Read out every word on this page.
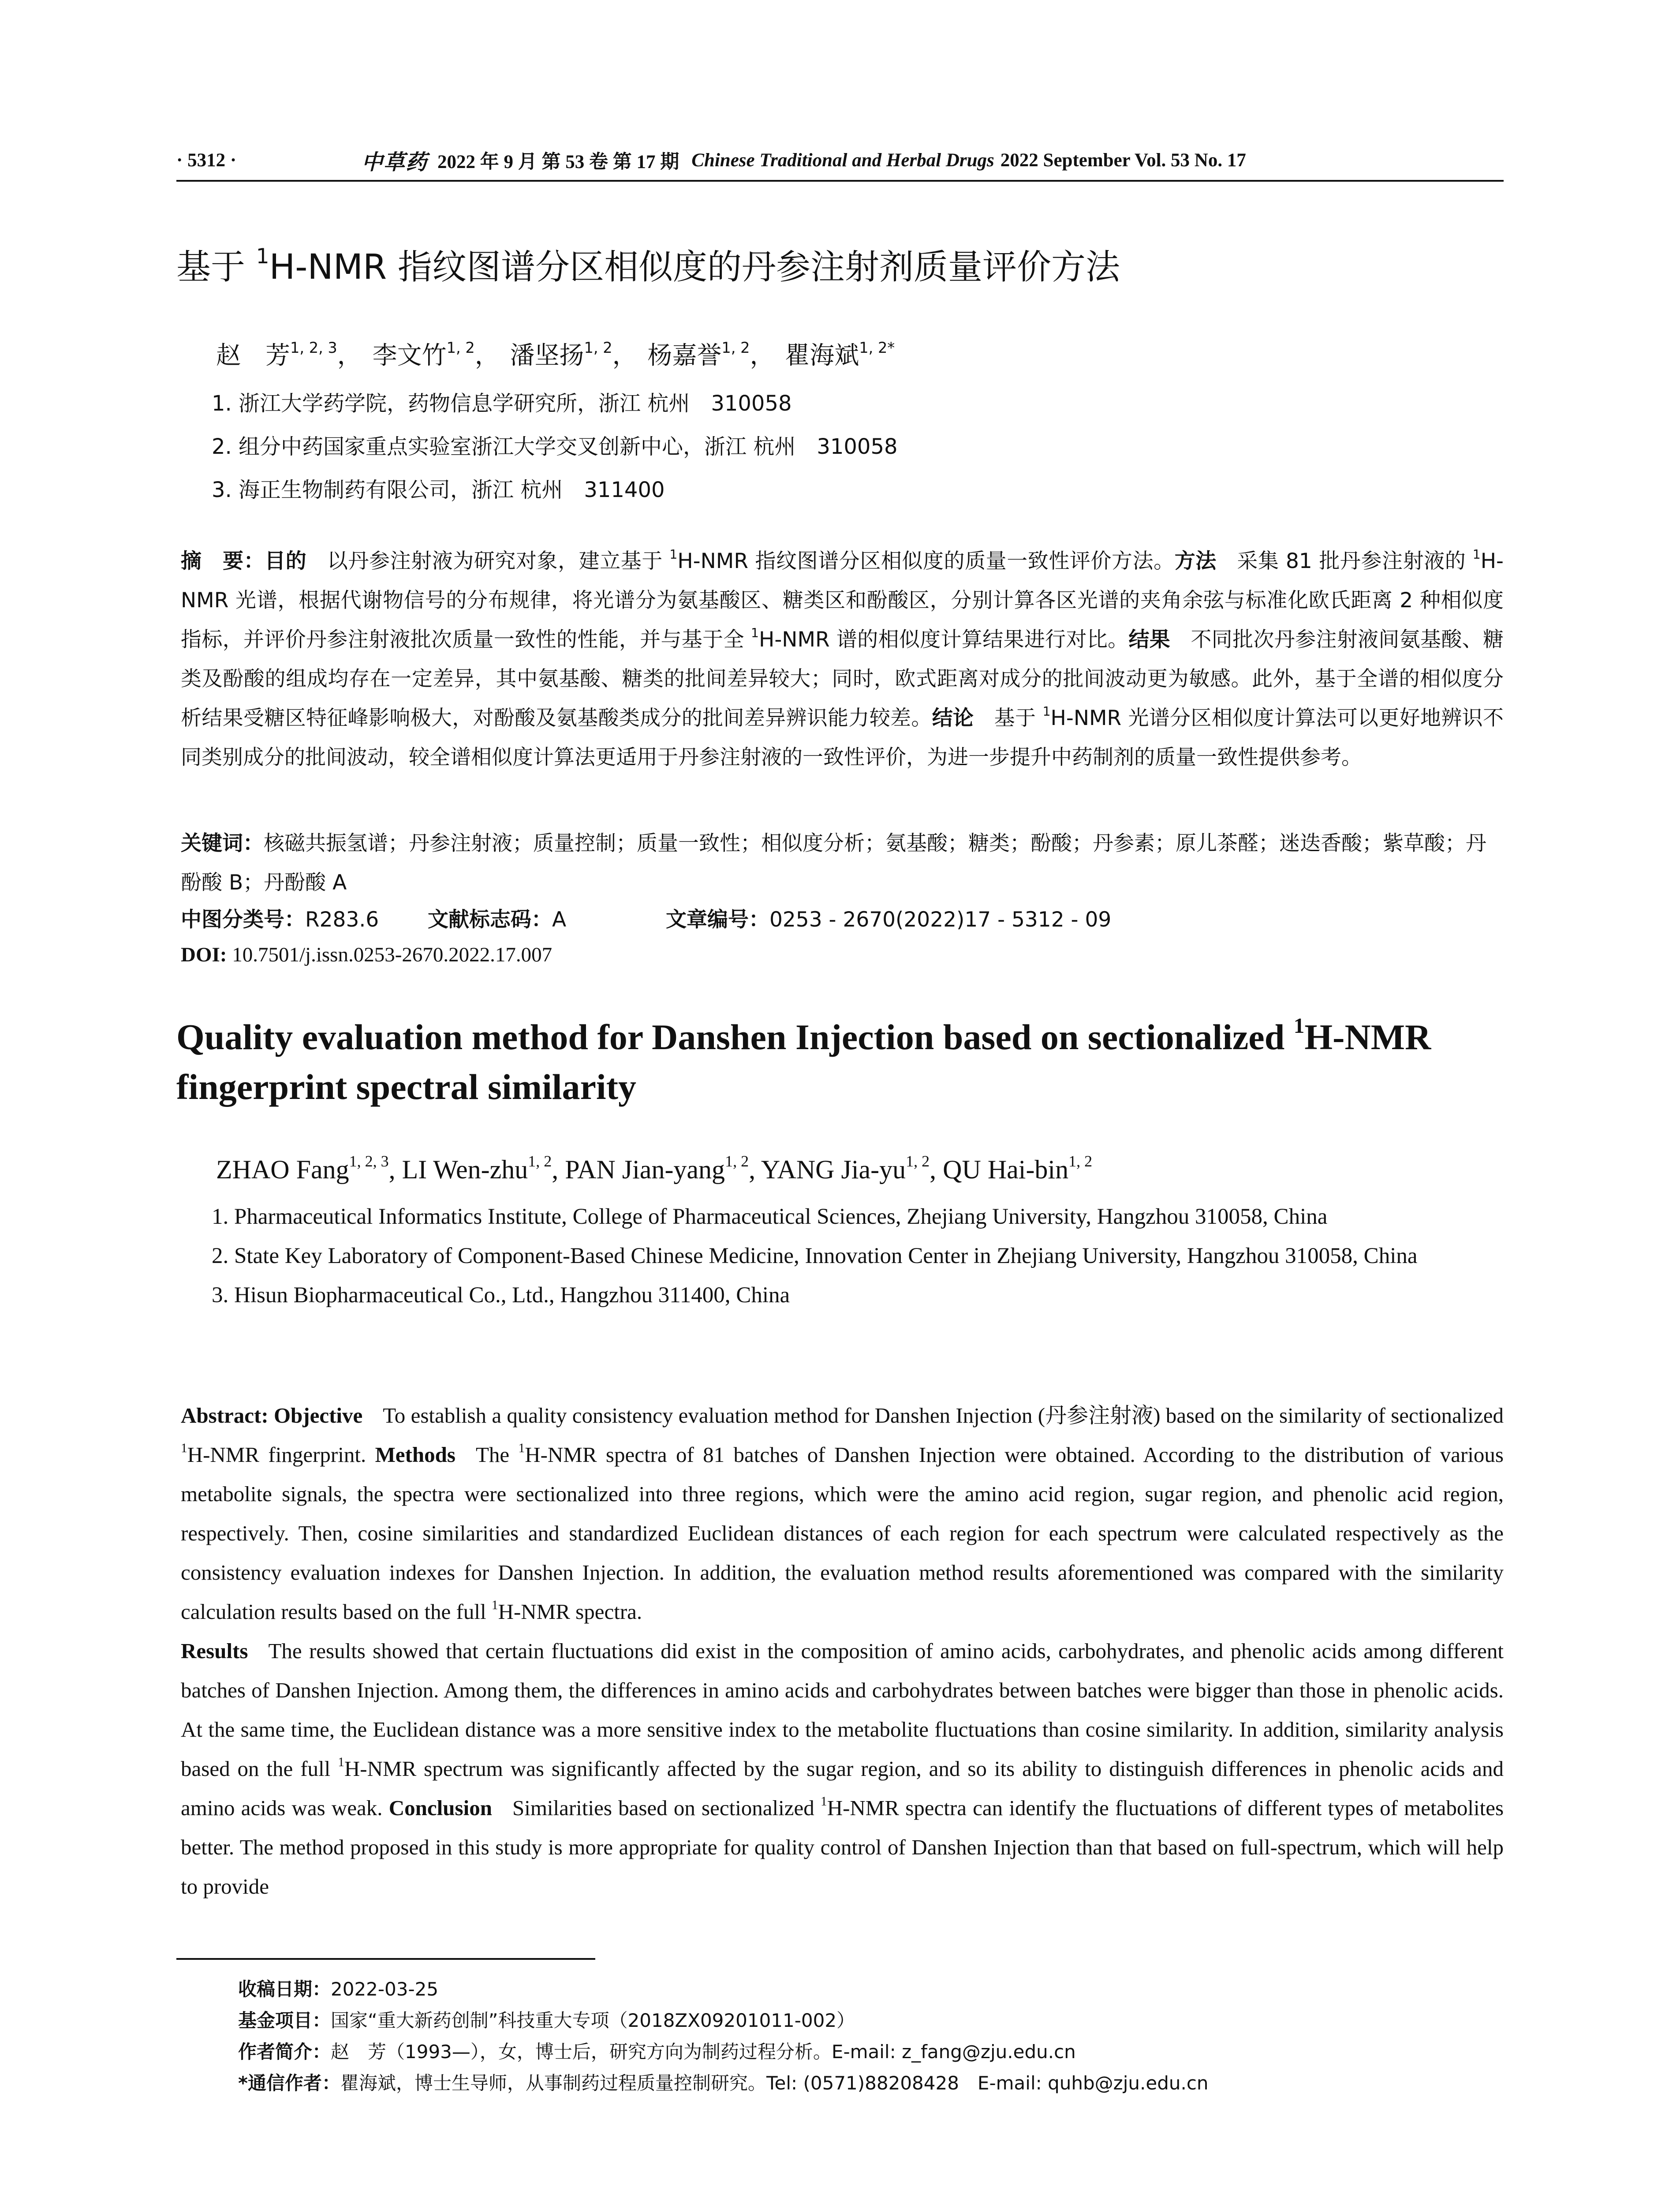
· 5312 ·	中草药 2022 年 9 月 第 53 卷 第 17 期 Chinese Traditional and Herbal Drugs 2022 September Vol. 53 No. 17
基于 $^1$H-NMR 指纹图谱分区相似度的丹参注射剂质量评价方法
赵　芳$^{1, 2, 3}$， 李文竹$^{1, 2}$， 潘坚扬$^{1, 2}$， 杨嘉誉$^{1, 2}$， 瞿海斌$^{1, 2*}$
1. 浙江大学药学院，药物信息学研究所，浙江 杭州　310058
2. 组分中药国家重点实验室浙江大学交叉创新中心，浙江 杭州　310058
3. 海正生物制药有限公司，浙江 杭州　311400
摘　要：目的 以丹参注射液为研究对象，建立基于 $^1$H-NMR 指纹图谱分区相似度的质量一致性评价方法。方法 采集 81 批丹参注射液的 $^1$H-NMR 光谱，根据代谢物信号的分布规律，将光谱分为氨基酸区、糖类区和酚酸区，分别计算各区光谱的夹角余弦与标准化欧氏距离 2 种相似度指标，并评价丹参注射液批次质量一致性的性能，并与基于全 $^1$H-NMR 谱的相似度计算结果进行对比。结果 不同批次丹参注射液间氨基酸、糖类及酚酸的组成均存在一定差异，其中氨基酸、糖类的批间差异较大；同时，欧式距离对成分的批间波动更为敏感。此外，基于全谱的相似度分析结果受糖区特征峰影响极大，对酚酸及氨基酸类成分的批间差异辨识能力较差。结论 基于 $^1$H-NMR 光谱分区相似度计算法可以更好地辨识不同类别成分的批间波动，较全谱相似度计算法更适用于丹参注射液的一致性评价，为进一步提升中药制剂的质量一致性提供参考。
关键词：核磁共振氢谱；丹参注射液；质量控制；质量一致性；相似度分析；氨基酸；糖类；酚酸；丹参素；原儿茶醛；迷迭香酸；紫草酸；丹酚酸 B；丹酚酸 A
中图分类号：R283.6 文献标志码：A	文章编号：0253 - 2670(2022)17 - 5312 - 09
DOI: 10.7501/j.issn.0253-2670.2022.17.007
Quality evaluation method for Danshen Injection based on sectionalized $^1$H-NMR fingerprint spectral similarity
ZHAO Fang$^{1, 2, 3}$, LI Wen-zhu$^{1, 2}$, PAN Jian-yang$^{1, 2}$, YANG Jia-yu$^{1, 2}$, QU Hai-bin$^{1, 2}$
1. Pharmaceutical Informatics Institute, College of Pharmaceutical Sciences, Zhejiang University, Hangzhou 310058, China
2. State Key Laboratory of Component-Based Chinese Medicine, Innovation Center in Zhejiang University, Hangzhou 310058, China
3. Hisun Biopharmaceutical Co., Ltd., Hangzhou 311400, China
Abstract: Objective To establish a quality consistency evaluation method for Danshen Injection (丹参注射液) based on the similarity of sectionalized $^1$H-NMR fingerprint. Methods The $^1$H-NMR spectra of 81 batches of Danshen Injection were obtained. According to the distribution of various metabolite signals, the spectra were sectionalized into three regions, which were the amino acid region, sugar region, and phenolic acid region, respectively. Then, cosine similarities and standardized Euclidean distances of each region for each spectrum were calculated respectively as the consistency evaluation indexes for Danshen Injection. In addition, the evaluation method results aforementioned was compared with the similarity calculation results based on the full $^1$H-NMR spectra.
Results The results showed that certain fluctuations did exist in the composition of amino acids, carbohydrates, and phenolic acids among different batches of Danshen Injection. Among them, the differences in amino acids and carbohydrates between batches were bigger than those in phenolic acids. At the same time, the Euclidean distance was a more sensitive index to the metabolite fluctuations than cosine similarity. In addition, similarity analysis based on the full $^1$H-NMR spectrum was significantly affected by the sugar region, and so its ability to distinguish differences in phenolic acids and amino acids was weak. Conclusion Similarities based on sectionalized $^1$H-NMR spectra can identify the fluctuations of different types of metabolites better. The method proposed in this study is more appropriate for quality control of Danshen Injection than that based on full-spectrum, which will help to provide
收稿日期：2022-03-25
基金项目：国家“重大新药创制”科技重大专项（2018ZX09201011-002）
作者简介：赵　芳（1993—），女，博士后，研究方向为制药过程分析。E-mail: z_fang@zju.edu.cn
*通信作者：瞿海斌，博士生导师，从事制药过程质量控制研究。Tel: (0571)88208428　E-mail: quhb@zju.edu.cn
